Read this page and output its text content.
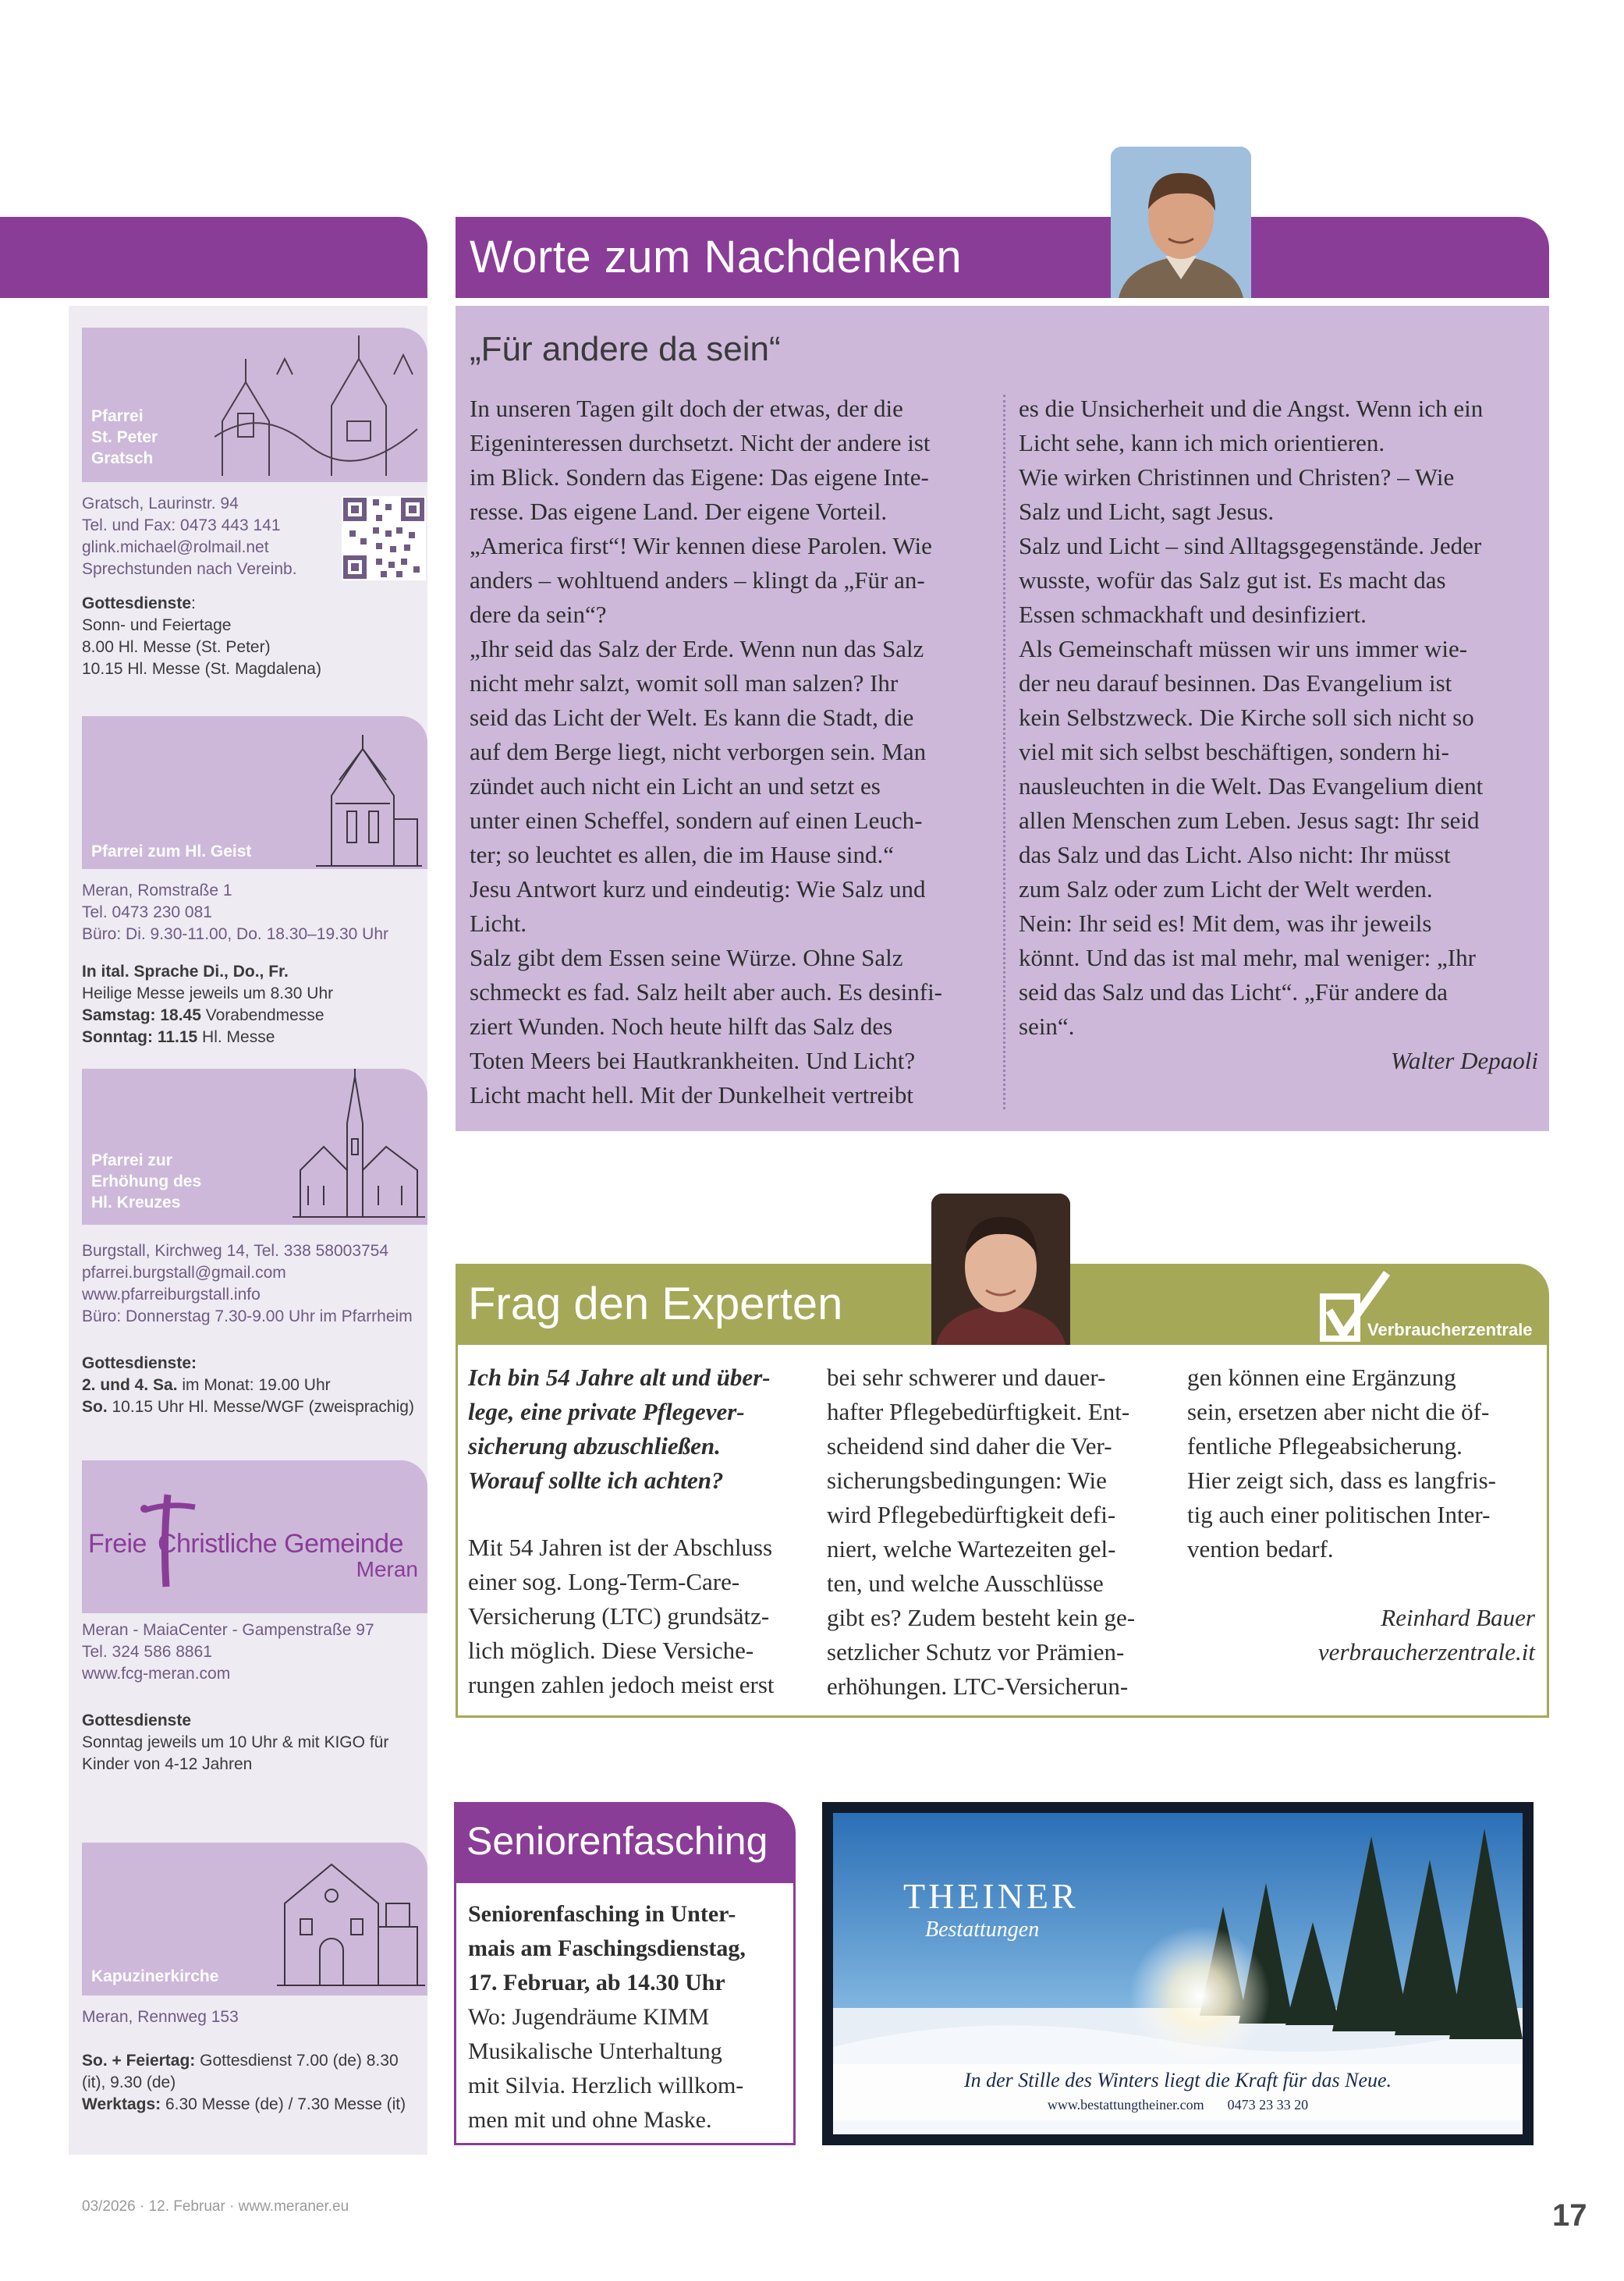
Pfarrei
St. Peter
Gratsch
Gratsch, Laurinstr. 94
Tel. und Fax: 0473 443 141
glink.michael@rolmail.net
Sprechstunden nach Vereinb.
Gottesdienste:
Sonn- und Feiertage
8.00 Hl. Messe (St. Peter)
10.15 Hl. Messe (St. Magdalena)
Pfarrei zum Hl. Geist
Meran, Romstraße 1
Tel. 0473 230 081
Büro: Di. 9.30-11.00, Do. 18.30–19.30 Uhr
In ital. Sprache Di., Do., Fr.
Heilige Messe jeweils um 8.30 Uhr
Samstag: 18.45 Vorabendmesse
Sonntag: 11.15 Hl. Messe
Pfarrei zur
Erhöhung des
Hl. Kreuzes
Burgstall, Kirchweg 14, Tel. 338 58003754
pfarrei.burgstall@gmail.com
www.pfarreiburgstall.info
Büro: Donnerstag 7.30-9.00 Uhr im Pfarrheim
Gottesdienste:
2. und 4. Sa. im Monat: 19.00 Uhr
So. 10.15 Uhr Hl. Messe/WGF (zweisprachig)
Freie Christliche Gemeinde
Meran
Meran - MaiaCenter - Gampenstraße 97
Tel. 324 586 8861
www.fcg-meran.com
Gottesdienste
Sonntag jeweils um 10 Uhr & mit KIGO für Kinder von 4-12 Jahren
Kapuzinerkirche
Meran, Rennweg 153
So. + Feiertag: Gottesdienst 7.00 (de) 8.30 (it), 9.30 (de)
Werktags: 6.30 Messe (de) / 7.30 Messe (it)
Worte zum Nachdenken
„Für andere da sein“
In unseren Tagen gilt doch der etwas, der die
Eigeninteressen durchsetzt. Nicht der andere ist
im Blick. Sondern das Eigene: Das eigene Inte-
resse. Das eigene Land. Der eigene Vorteil.
„America first“! Wir kennen diese Parolen. Wie
anders – wohltuend anders – klingt da „Für an-
dere da sein“?
„Ihr seid das Salz der Erde. Wenn nun das Salz
nicht mehr salzt, womit soll man salzen? Ihr
seid das Licht der Welt. Es kann die Stadt, die
auf dem Berge liegt, nicht verborgen sein. Man
zündet auch nicht ein Licht an und setzt es
unter einen Scheffel, sondern auf einen Leuch-
ter; so leuchtet es allen, die im Hause sind.“
Jesu Antwort kurz und eindeutig: Wie Salz und
Licht.
Salz gibt dem Essen seine Würze. Ohne Salz
schmeckt es fad. Salz heilt aber auch. Es desinfi-
ziert Wunden. Noch heute hilft das Salz des
Toten Meers bei Hautkrankheiten. Und Licht?
Licht macht hell. Mit der Dunkelheit vertreibt
es die Unsicherheit und die Angst. Wenn ich ein
Licht sehe, kann ich mich orientieren.
Wie wirken Christinnen und Christen? – Wie
Salz und Licht, sagt Jesus.
Salz und Licht – sind Alltagsgegenstände. Jeder
wusste, wofür das Salz gut ist. Es macht das
Essen schmackhaft und desinfiziert.
Als Gemeinschaft müssen wir uns immer wie-
der neu darauf besinnen. Das Evangelium ist
kein Selbstzweck. Die Kirche soll sich nicht so
viel mit sich selbst beschäftigen, sondern hi-
nausleuchten in die Welt. Das Evangelium dient
allen Menschen zum Leben. Jesus sagt: Ihr seid
das Salz und das Licht. Also nicht: Ihr müsst
zum Salz oder zum Licht der Welt werden.
Nein: Ihr seid es! Mit dem, was ihr jeweils
könnt. Und das ist mal mehr, mal weniger: „Ihr
seid das Salz und das Licht“. „Für andere da
sein“.
Walter Depaoli
Frag den Experten
Verbraucherzentrale
Ich bin 54 Jahre alt und über-
lege, eine private Pflegever-
sicherung abzuschließen.
Worauf sollte ich achten?
Mit 54 Jahren ist der Abschluss
einer sog. Long-Term-Care-
Versicherung (LTC) grundsätz-
lich möglich. Diese Versiche-
rungen zahlen jedoch meist erst
bei sehr schwerer und dauer-
hafter Pflegebedürftigkeit. Ent-
scheidend sind daher die Ver-
sicherungsbedingungen: Wie
wird Pflegebedürftigkeit defi-
niert, welche Wartezeiten gel-
ten, und welche Ausschlüsse
gibt es? Zudem besteht kein ge-
setzlicher Schutz vor Prämien-
erhöhungen. LTC-Versicherun-
gen können eine Ergänzung
sein, ersetzen aber nicht die öf-
fentliche Pflegeabsicherung.
Hier zeigt sich, dass es langfris-
tig auch einer politischen Inter-
vention bedarf.
Reinhard Bauer
verbraucherzentrale.it
Seniorenfasching
Seniorenfasching in Unter-
mais am Faschingsdienstag,
17. Februar, ab 14.30 Uhr
Wo: Jugendräume KIMM
Musikalische Unterhaltung
mit Silvia. Herzlich willkom-
men mit und ohne Maske.
THEINER
Bestattungen
In der Stille des Winters liegt die Kraft für das Neue.
www.bestattungtheiner.com 0473 23 33 20
03/2026 · 12. Februar · www.meraner.eu	17
